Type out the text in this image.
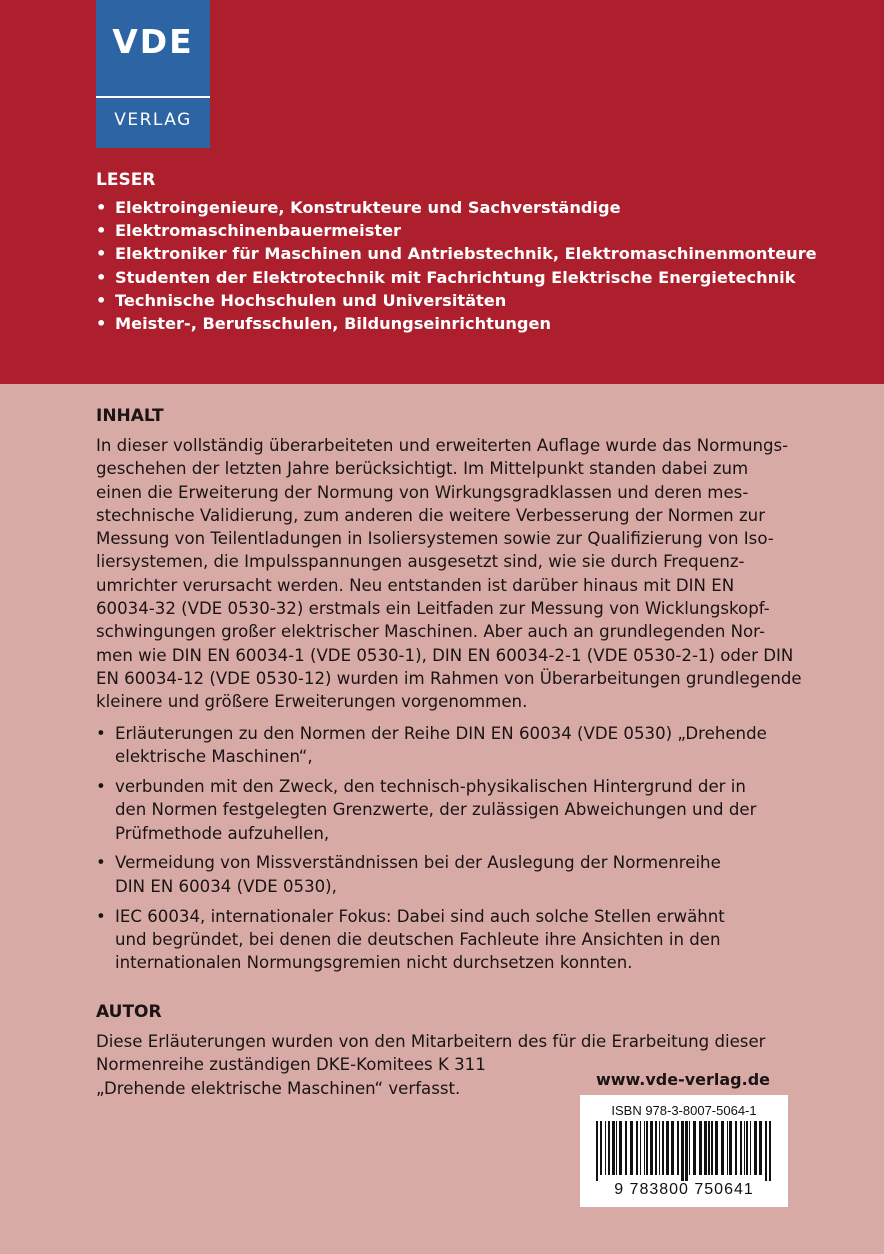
VDE
VERLAG
LESER
• Elektroingenieure, Konstrukteure und Sachverständige
• Elektromaschinenbauermeister
• Elektroniker für Maschinen und Antriebstechnik, Elektromaschinenmonteure
• Studenten der Elektrotechnik mit Fachrichtung Elektrische Energietechnik
• Technische Hochschulen und Universitäten
• Meister-, Berufsschulen, Bildungseinrichtungen
INHALT

In dieser vollständig überarbeiteten und erweiterten Auflage wurde das Normungs-
geschehen der letzten Jahre berücksichtigt. Im Mittelpunkt standen dabei zum
einen die Erweiterung der Normung von Wirkungsgradklassen und deren mes-
stechnische Validierung, zum anderen die weitere Verbesserung der Normen zur
Messung von Teilentladungen in Isoliersystemen sowie zur Qualifizierung von Iso-
liersystemen, die Impulsspannungen ausgesetzt sind, wie sie durch Frequenz-
umrichter verursacht werden. Neu entstanden ist darüber hinaus mit DIN EN
60034-32 (VDE 0530-32) erstmals ein Leitfaden zur Messung von Wicklungskopf-
schwingungen großer elektrischer Maschinen. Aber auch an grundlegenden Nor-
men wie DIN EN 60034-1 (VDE 0530-1), DIN EN 60034-2-1 (VDE 0530-2-1) oder DIN
EN 60034-12 (VDE 0530-12) wurden im Rahmen von Überarbeitungen grundlegende
kleinere und größere Erweiterungen vorgenommen.

• Erläuterungen zu den Normen der Reihe DIN EN 60034 (VDE 0530) „Drehende
elektrische Maschinen“,
• verbunden mit den Zweck, den technisch-physikalischen Hintergrund der in
den Normen festgelegten Grenzwerte, der zulässigen Abweichungen und der
Prüfmethode aufzuhellen,
• Vermeidung von Missverständnissen bei der Auslegung der Normenreihe
DIN EN 60034 (VDE 0530),
• IEC 60034, internationaler Fokus: Dabei sind auch solche Stellen erwähnt
und begründet, bei denen die deutschen Fachleute ihre Ansichten in den
internationalen Normungsgremien nicht durchsetzen konnten.
AUTOR

Diese Erläuterungen wurden von den Mitarbeitern des für die Erarbeitung dieser
Normenreihe zuständigen DKE-Komitees K 311
„Drehende elektrische Maschinen“ verfasst.	www.vde-verlag.de
ISBN 978-3-8007-5064-1
9 783800 750641
